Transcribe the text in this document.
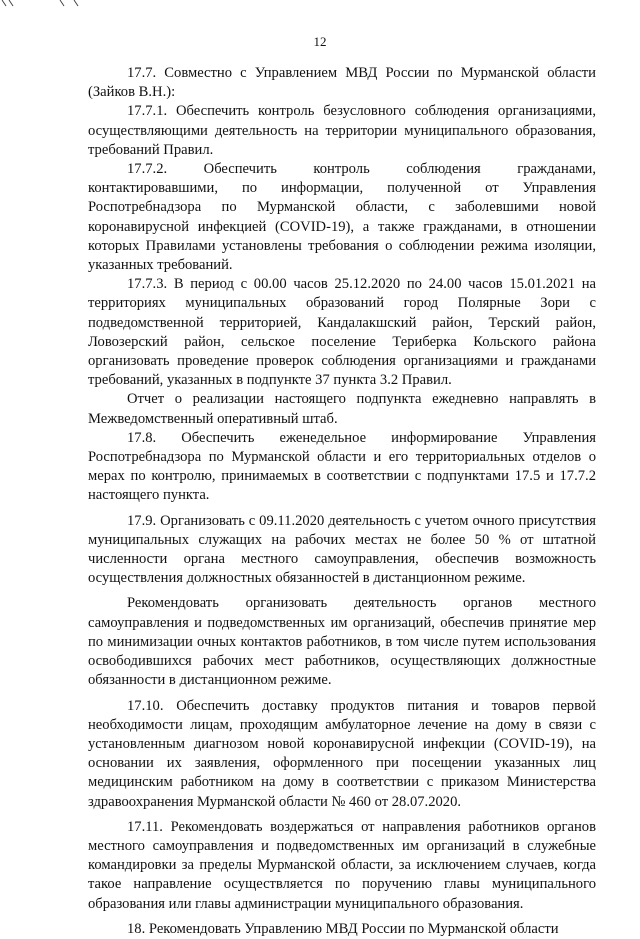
12

17.7. Совместно с Управлением МВД России по Мурманской области (Зайков В.Н.):

17.7.1. Обеспечить контроль безусловного соблюдения организациями, осуществляющими деятельность на территории муниципального образования, требований Правил.

17.7.2. Обеспечить контроль соблюдения гражданами, контактировавшими, по информации, полученной от Управления Роспотребнадзора по Мурманской области, с заболевшими новой коронавирусной инфекцией (COVID-19), а также гражданами, в отношении которых Правилами установлены требования о соблюдении режима изоляции, указанных требований.

17.7.3. В период с 00.00 часов 25.12.2020 по 24.00 часов 15.01.2021 на территориях муниципальных образований город Полярные Зори с подведомственной территорией, Кандалакшский район, Терский район, Ловозерский район, сельское поселение Териберка Кольского района организовать проведение проверок соблюдения организациями и гражданами требований, указанных в подпункте 37 пункта 3.2 Правил.

Отчет о реализации настоящего подпункта ежедневно направлять в Межведомственный оперативный штаб.

17.8. Обеспечить еженедельное информирование Управления Роспотребнадзора по Мурманской области и его территориальных отделов о мерах по контролю, принимаемых в соответствии с подпунктами 17.5 и 17.7.2 настоящего пункта.

17.9. Организовать с 09.11.2020 деятельность с учетом очного присутствия муниципальных служащих на рабочих местах не более 50 % от штатной численности органа местного самоуправления, обеспечив возможность осуществления должностных обязанностей в дистанционном режиме.

Рекомендовать организовать деятельность органов местного самоуправления и подведомственных им организаций, обеспечив принятие мер по минимизации очных контактов работников, в том числе путем использования освободившихся рабочих мест работников, осуществляющих должностные обязанности в дистанционном режиме.

17.10. Обеспечить доставку продуктов питания и товаров первой необходимости лицам, проходящим амбулаторное лечение на дому в связи с установленным диагнозом новой коронавирусной инфекции (COVID-19), на основании их заявления, оформленного при посещении указанных лиц медицинским работником на дому в соответствии с приказом Министерства здравоохранения Мурманской области № 460 от 28.07.2020.

17.11. Рекомендовать воздержаться от направления работников органов местного самоуправления и подведомственных им организаций в служебные командировки за пределы Мурманской области, за исключением случаев, когда такое направление осуществляется по поручению главы муниципального образования или главы администрации муниципального образования.

18. Рекомендовать Управлению МВД России по Мурманской области
